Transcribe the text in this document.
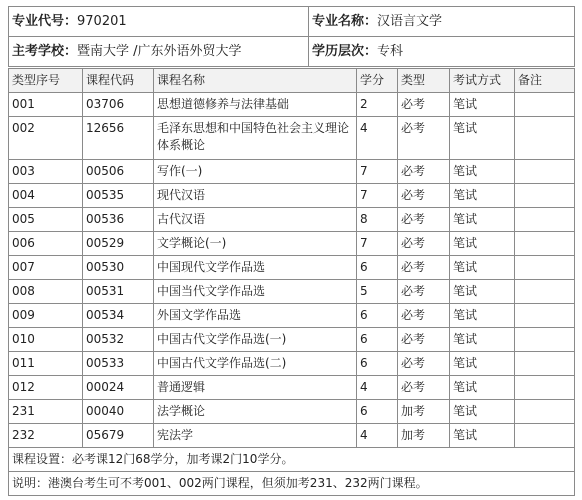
专业代号：970201	专业名称：汉语言文学
主考学校：暨南大学 /广东外语外贸大学	学历层次：专科
类型序号	课程代码	课程名称	学分	类型	考试方式	备注
001	03706	思想道德修养与法律基础	2	必考	笔试	
002	12656	毛泽东思想和中国特色社会主义理论体系概论	4	必考	笔试	
003	00506	写作(一)	7	必考	笔试	
004	00535	现代汉语	7	必考	笔试	
005	00536	古代汉语	8	必考	笔试	
006	00529	文学概论(一)	7	必考	笔试	
007	00530	中国现代文学作品选	6	必考	笔试	
008	00531	中国当代文学作品选	5	必考	笔试	
009	00534	外国文学作品选	6	必考	笔试	
010	00532	中国古代文学作品选(一)	6	必考	笔试	
011	00533	中国古代文学作品选(二)	6	必考	笔试	
012	00024	普通逻辑	4	必考	笔试	
231	00040	法学概论	6	加考	笔试	
232	05679	宪法学	4	加考	笔试	
课程设置：必考课12门68学分，加考课2门10学分。						
说明：港澳台考生可不考001、002两门课程，但须加考231、232两门课程。						
